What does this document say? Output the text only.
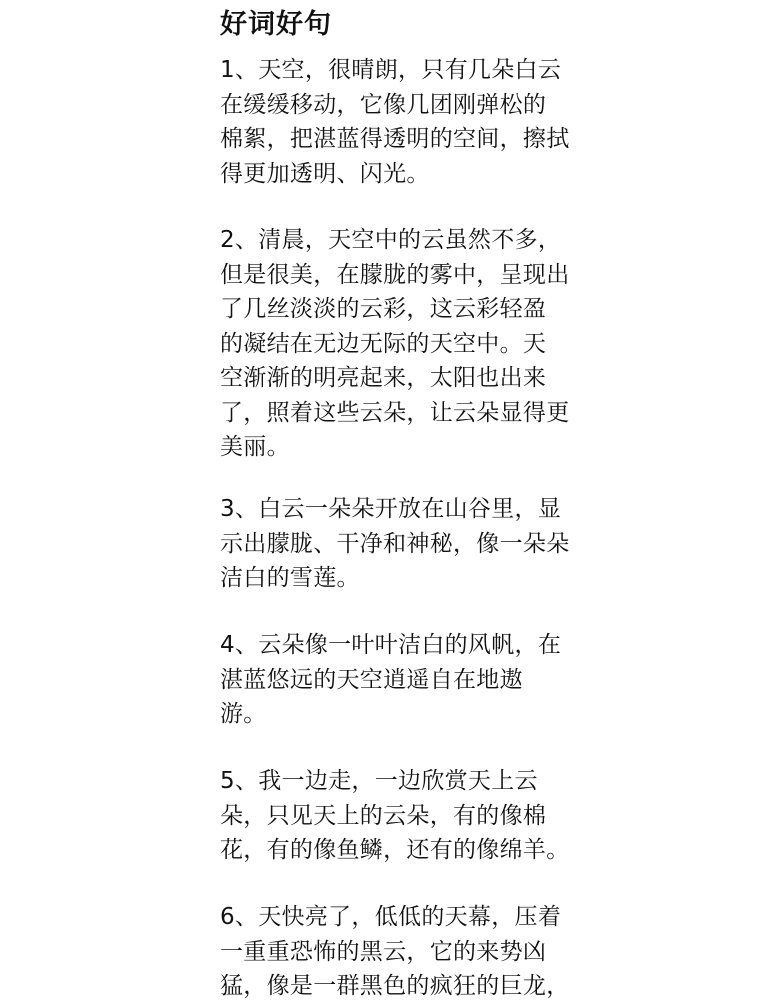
好词好句
1、天空，很晴朗，只有几朵白云
在缓缓移动，它像几团刚弹松的
棉絮，把湛蓝得透明的空间，擦拭
得更加透明、闪光。
2、清晨，天空中的云虽然不多，
但是很美，在朦胧的雾中，呈现出
了几丝淡淡的云彩，这云彩轻盈
的凝结在无边无际的天空中。天
空渐渐的明亮起来，太阳也出来
了，照着这些云朵，让云朵显得更
美丽。
3、白云一朵朵开放在山谷里，显
示出朦胧、干净和神秘，像一朵朵
洁白的雪莲。
4、云朵像一叶叶洁白的风帆，在
湛蓝悠远的天空逍遥自在地遨
游。
5、我一边走，一边欣赏天上云
朵，只见天上的云朵，有的像棉
花，有的像鱼鳞，还有的像绵羊。
6、天快亮了，低低的天幕，压着
一重重恐怖的黑云，它的来势凶
猛，像是一群黑色的疯狂的巨龙，
